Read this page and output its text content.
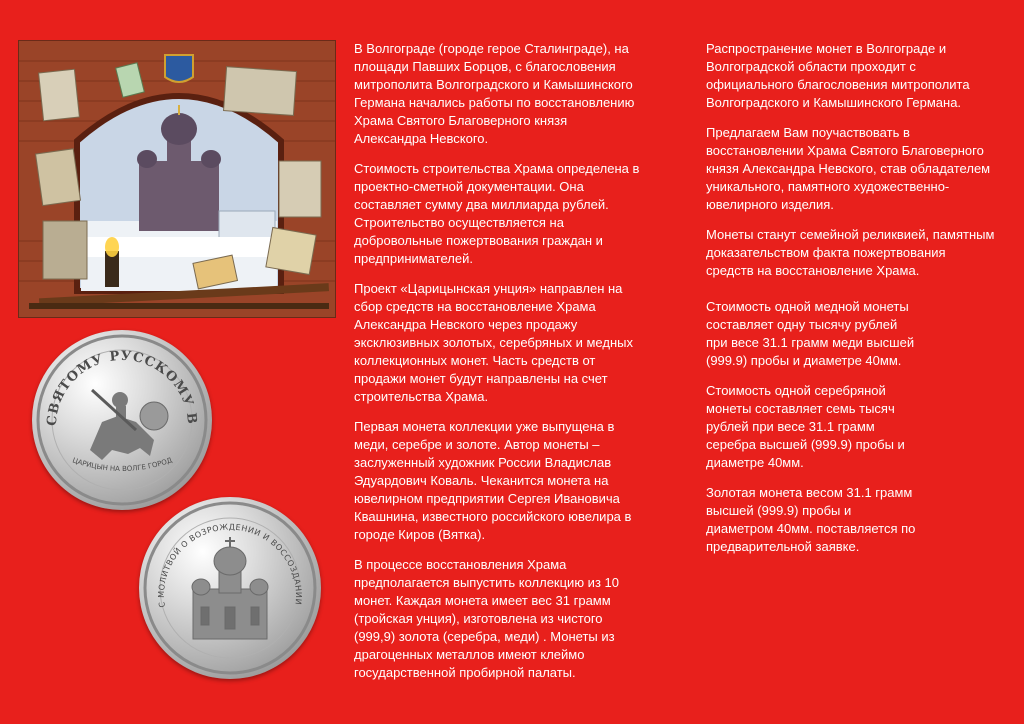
СВЯТОМУ РУССКОМУ В
ЦАРИЦЫН НА ВОЛГЕ ГОРОД
С МОЛИТВОЙ О ВОЗРОЖДЕНИИ И ВОССОЗДАНИИ

В Волгограде (городе герое Сталинграде), на
площади Павших Борцов, с благословения
митрополита Волгоградского и Камышинского
Германа начались работы по восстановлению
Храма Святого Благоверного князя
Александра Невского.

Стоимость строительства Храма определена в
проектно-сметной документации. Она
составляет сумму два миллиарда рублей.
Строительство осуществляется на
добровольные пожертвования граждан и
предпринимателей.

Проект «Царицынская унция» направлен на
сбор средств на восстановление Храма
Александра Невского через продажу
эксклюзивных золотых, серебряных и медных
коллекционных монет. Часть средств от
продажи монет будут направлены на счет
строительства Храма.

Первая монета коллекции уже выпущена в
меди, серебре и золоте. Автор монеты –
заслуженный художник России Владислав
Эдуардович Коваль. Чеканится монета на
ювелирном предприятии Сергея Ивановича
Квашнина, известного российского ювелира в
городе Киров (Вятка).

В процессе восстановления Храма
предполагается выпустить коллекцию из 10
монет. Каждая монета имеет вес 31 грамм
(тройская унция), изготовлена из чистого
(999,9) золота (серебра, меди) . Монеты из
драгоценных металлов имеют клеймо
государственной пробирной палаты.

Распространение монет в Волгограде и
Волгоградской области проходит с
официального благословения митрополита
Волгоградского и Камышинского Германа.

Предлагаем Вам поучаствовать в
восстановлении Храма Святого Благоверного
князя Александра Невского, став обладателем
уникального, памятного художественно-
ювелирного изделия.

Монеты станут семейной реликвией, памятным
доказательством факта пожертвования
средств на восстановление Храма.

Стоимость одной медной монеты
составляет одну тысячу рублей
при весе 31.1 грамм меди высшей
(999.9) пробы и диаметре 40мм.

Стоимость одной серебряной
монеты составляет семь тысяч
рублей при весе 31.1 грамм
серебра высшей (999.9) пробы и
диаметре 40мм.

Золотая монета весом 31.1 грамм
высшей (999.9) пробы и
диаметром 40мм. поставляется по
предварительной заявке.
